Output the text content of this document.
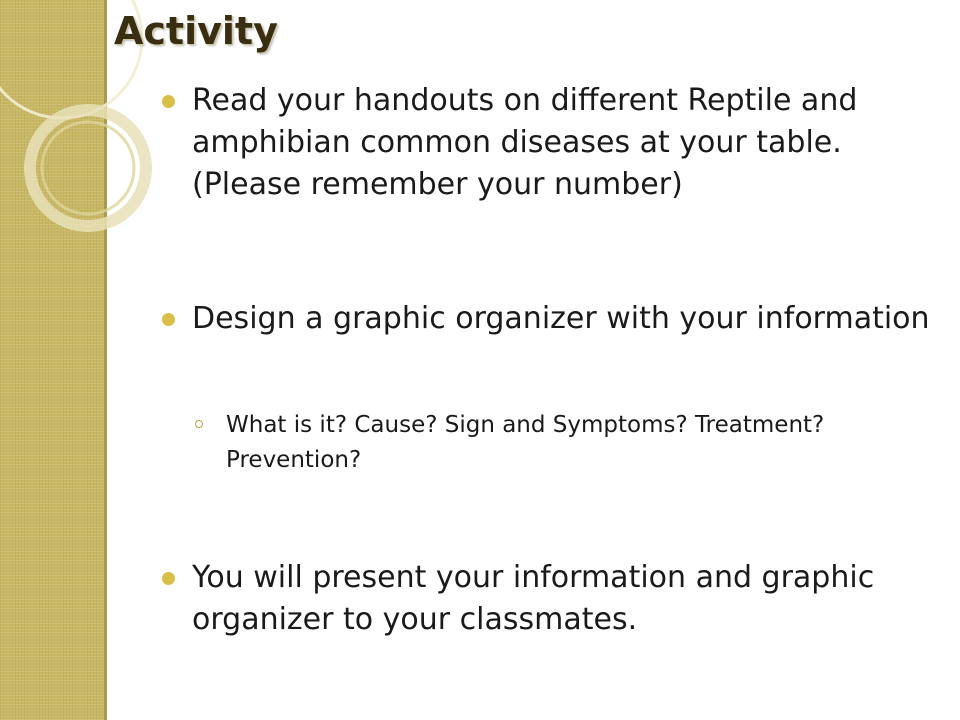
Activity

Read your handouts on different Reptile and amphibian common diseases at your table. (Please remember your number)

Design a graphic organizer with your information

What is it? Cause? Sign and Symptoms? Treatment? Prevention?

You will present your information and graphic organizer to your classmates.
